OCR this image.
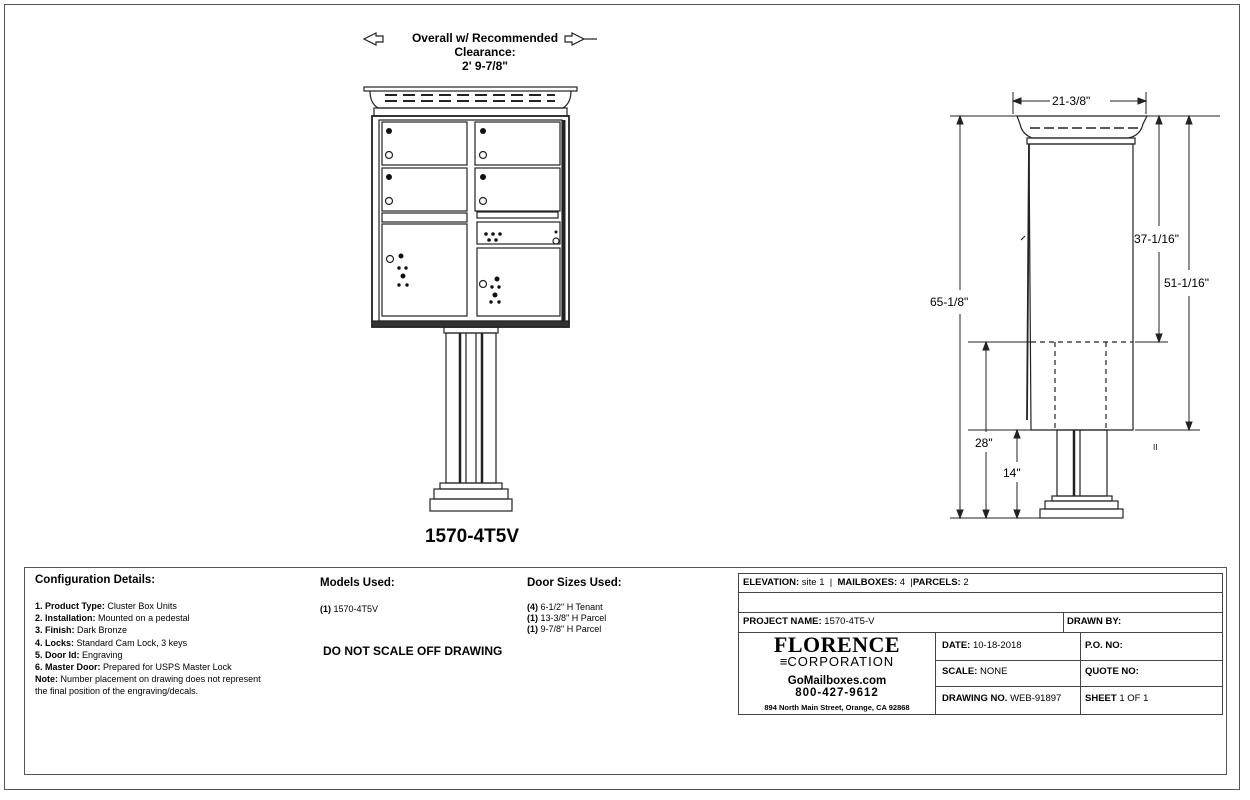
Overall w/ Recommended
Clearance:
2' 9-7/8"
1570-4T5V
21-3/8"
37-1/16"
51-1/16"
65-1/8"
28"
14"
II
Configuration Details:
1. Product Type: Cluster Box Units
2. Installation: Mounted on a pedestal
3. Finish: Dark Bronze
4. Locks: Standard Cam Lock, 3 keys
5. Door Id: Engraving
6. Master Door: Prepared for USPS Master Lock
Note: Number placement on drawing does not represent
the final position of the engraving/decals.
Models Used:
(1) 1570-4T5V
DO NOT SCALE OFF DRAWING
Door Sizes Used:
(4) 6-1/2" H Tenant
(1) 13-3/8" H Parcel
(1) 9-7/8" H Parcel
ELEVATION: site 1  |  MAILBOXES: 4  |PARCELS: 2
PROJECT NAME: 1570-4T5-V	DRAWN BY:
DATE: 10-18-2018	P.O. NO:
SCALE: NONE	QUOTE NO:
DRAWING NO. WEB-91897 SHEET 1 OF 1
FLORENCE
≡CORPORATION
GoMailboxes.com
800-427-9612
894 North Main Street, Orange, CA 92868
